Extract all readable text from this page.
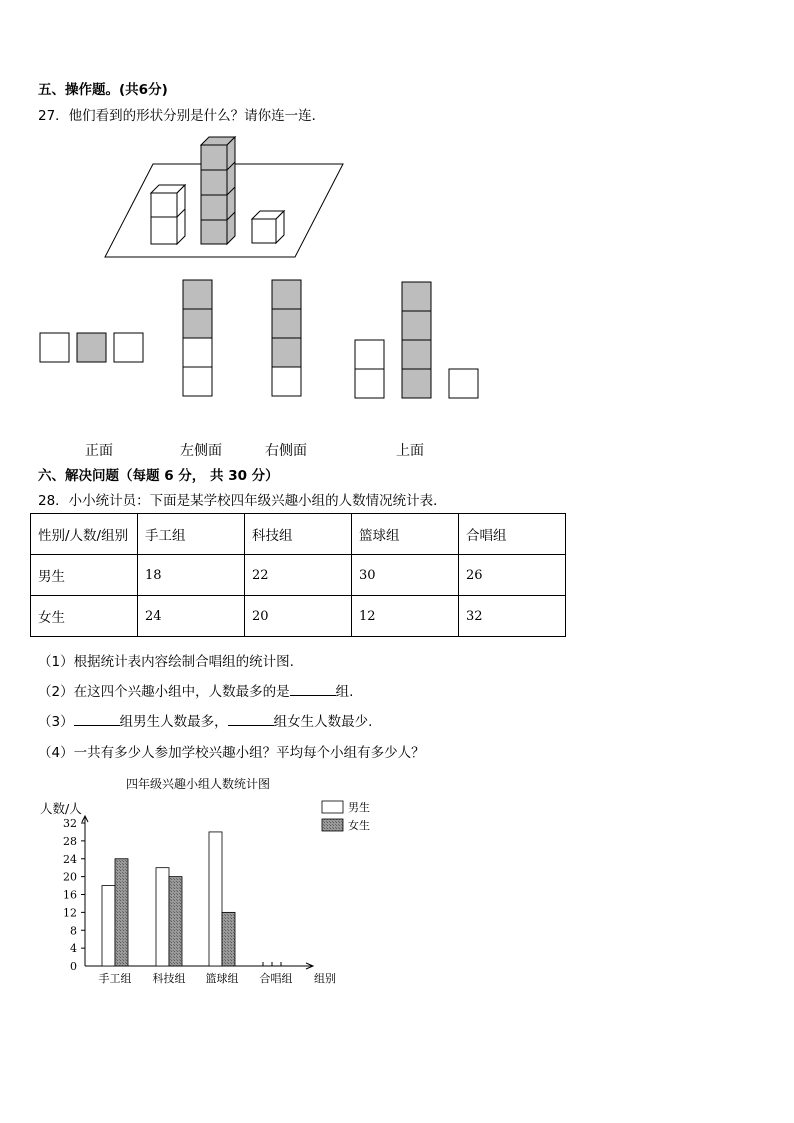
五、操作题。(共6分)
27．他们看到的形状分别是什么？请你连一连．
正面	左侧面	右侧面	上面
六、解决问题（每题 6 分， 共 30 分）
28．小小统计员：下面是某学校四年级兴趣小组的人数情况统计表．
性别/人数/组别	手工组	科技组	篮球组	合唱组
男生	18	22	30	26
女生	24	20	12	32
（1）根据统计表内容绘制合唱组的统计图.
（2）在这四个兴趣小组中，人数最多的是	组.
（3）	组男生人数最多，	组女生人数最少.
（4）一共有多少人参加学校兴趣小组？平均每个小组有多少人？
四年级兴趣小组人数统计图
人数/人
0
4
8
12
16
20
24
28
32
手工组 科技组 篮球组 合唱组 组别
男生
女生
